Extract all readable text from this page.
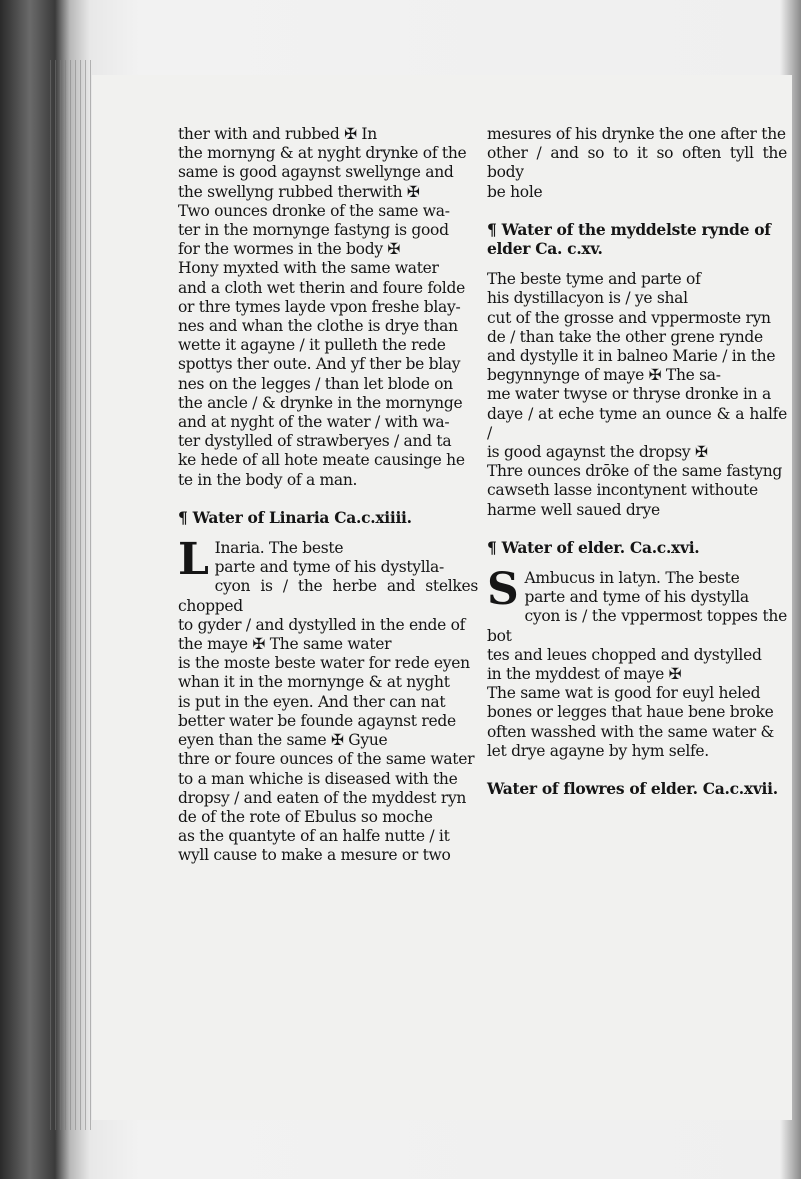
ther with and rubbed ✠ In
the mornyng & at nyght drynke of the
same is good agaynst swellynge and
the swellyng rubbed therwith ✠
Two ounces dronke of the same wa-
ter in the mornynge fastyng is good
for the wormes in the body ✠
Hony myxted with the same water
and a cloth wet therin and foure folde
or thre tymes layde vpon freshe blay-
nes and whan the clothe is drye than
wette it agayne / it pulleth the rede
spottys ther oute. And yf ther be blay
nes on the legges / than let blode on
the ancle / & drynke in the mornynge
and at nyght of the water / with wa-
ter dystylled of strawberyes / and ta
ke hede of all hote meate causinge he
te in the body of a man.
¶ Water of Linaria Ca.c.xiiii.
L Inaria. The beste
parte and tyme of his dystylla-
cyon is / the herbe and stelkes chopped
to gyder / and dystylled in the ende of
the maye ✠ The same water
is the moste beste water for rede eyen
whan it in the mornynge & at nyght
is put in the eyen. And ther can nat
better water be founde agaynst rede
eyen than the same ✠ Gyue
thre or foure ounces of the same water
to a man whiche is diseased with the
dropsy / and eaten of the myddest ryn
de of the rote of Ebulus so moche
as the quantyte of an halfe nutte / it
wyll cause to make a mesure or two
mesures of his drynke the one after the
other / and so to it so often tyll the body
be hole
¶ Water of the myddelste rynde of elder Ca. c.xv.
The beste tyme and parte of
his dystillacyon is / ye shal
cut of the grosse and vppermoste ryn
de / than take the other grene rynde
and dystylle it in balneo Marie / in the
begynnynge of maye ✠ The sa-
me water twyse or thryse dronke in a
daye / at eche tyme an ounce & a halfe /
is good agaynst the dropsy ✠
Thre ounces drōke of the same fastyng
cawseth lasse incontynent withoute
harme well saued drye
¶ Water of elder. Ca.c.xvi.
S Ambucus in latyn. The beste
parte and tyme of his dystylla
cyon is / the vppermost toppes the bot
tes and leues chopped and dystylled
in the myddest of maye ✠
The same wat is good for euyl heled
bones or legges that haue bene broke
often wasshed with the same water &
let drye agayne by hym selfe.
Water of flowres of elder. Ca.c.xvii.
